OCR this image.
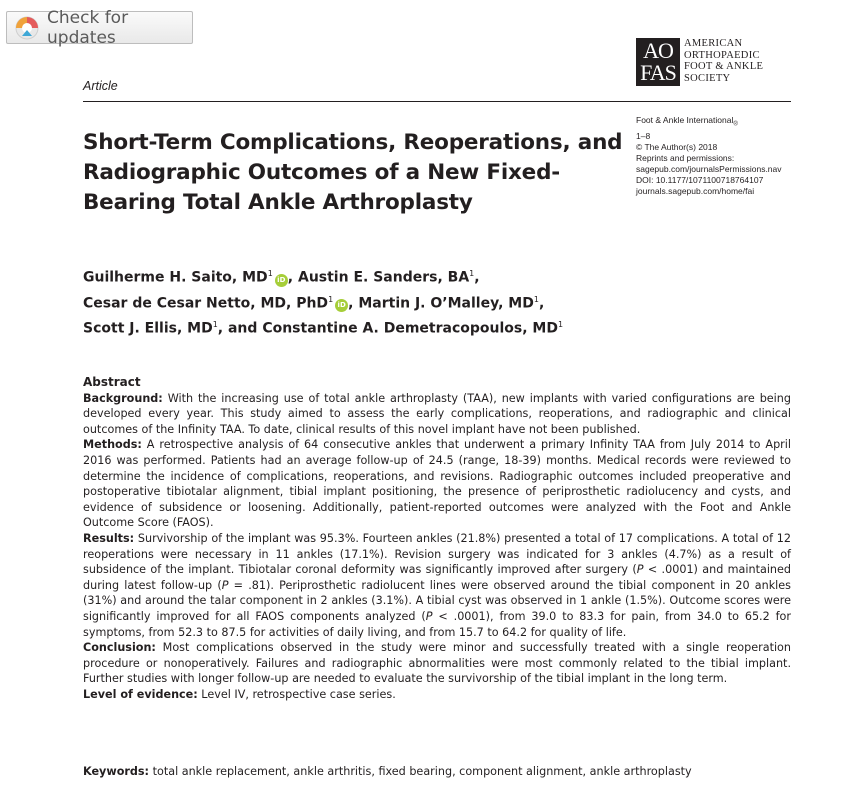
Check for updates
Article
AO
FAS
AMERICAN
ORTHOPAEDIC
FOOT & ANKLE
SOCIETY
Foot & Ankle International$_®$
1–8
© The Author(s) 2018
Reprints and permissions:
sagepub.com/journalsPermissions.nav
DOI: 10.1177/1071100718764107
journals.sagepub.com/home/fai
Short-Term Complications, Reoperations, and Radiographic Outcomes of a New Fixed-Bearing Total Ankle Arthroplasty
Guilherme H. Saito, $MD^1iD$ , Austin E. Sanders, $BA^1$,
Cesar de Cesar Netto, MD, PhD$^1$iD , Martin J. O’Malley, $MD^1$,
Scott J. Ellis, $MD^1$, and Constantine A. Demetracopoulos, $MD^1$

Abstract

Background: With the increasing use of total ankle arthroplasty (TAA), new implants with varied configurations are being developed every year. This study aimed to assess the early complications, reoperations, and radiographic and clinical outcomes of the Infinity TAA. To date, clinical results of this novel implant have not been published.

Methods: A retrospective analysis of 64 consecutive ankles that underwent a primary Infinity TAA from July 2014 to April 2016 was performed. Patients had an average follow-up of 24.5 (range, 18-39) months. Medical records were reviewed to determine the incidence of complications, reoperations, and revisions. Radiographic outcomes included preoperative and postoperative tibiotalar alignment, tibial implant positioning, the presence of periprosthetic radiolucency and cysts, and evidence of subsidence or loosening. Additionally, patient-reported outcomes were analyzed with the Foot and Ankle Outcome Score (FAOS).

Results: Survivorship of the implant was 95.3%. Fourteen ankles (21.8%) presented a total of 17 complications. A total of 12 reoperations were necessary in 11 ankles (17.1%). Revision surgery was indicated for 3 ankles (4.7%) as a result of subsidence of the implant. Tibiotalar coronal deformity was significantly improved after surgery (P < .0001) and maintained during latest follow-up (P = .81). Periprosthetic radiolucent lines were observed around the tibial component in 20 ankles (31%) and around the talar component in 2 ankles (3.1%). A tibial cyst was observed in 1 ankle (1.5%). Outcome scores were significantly improved for all FAOS components analyzed (P < .0001), from 39.0 to 83.3 for pain, from 34.0 to 65.2 for symptoms, from 52.3 to 87.5 for activities of daily living, and from 15.7 to 64.2 for quality of life.

Conclusion: Most complications observed in the study were minor and successfully treated with a single reoperation procedure or nonoperatively. Failures and radiographic abnormalities were most commonly related to the tibial implant. Further studies with longer follow-up are needed to evaluate the survivorship of the tibial implant in the long term.

Level of evidence: Level IV, retrospective case series.

Keywords: total ankle replacement, ankle arthritis, fixed bearing, component alignment, ankle arthroplasty
